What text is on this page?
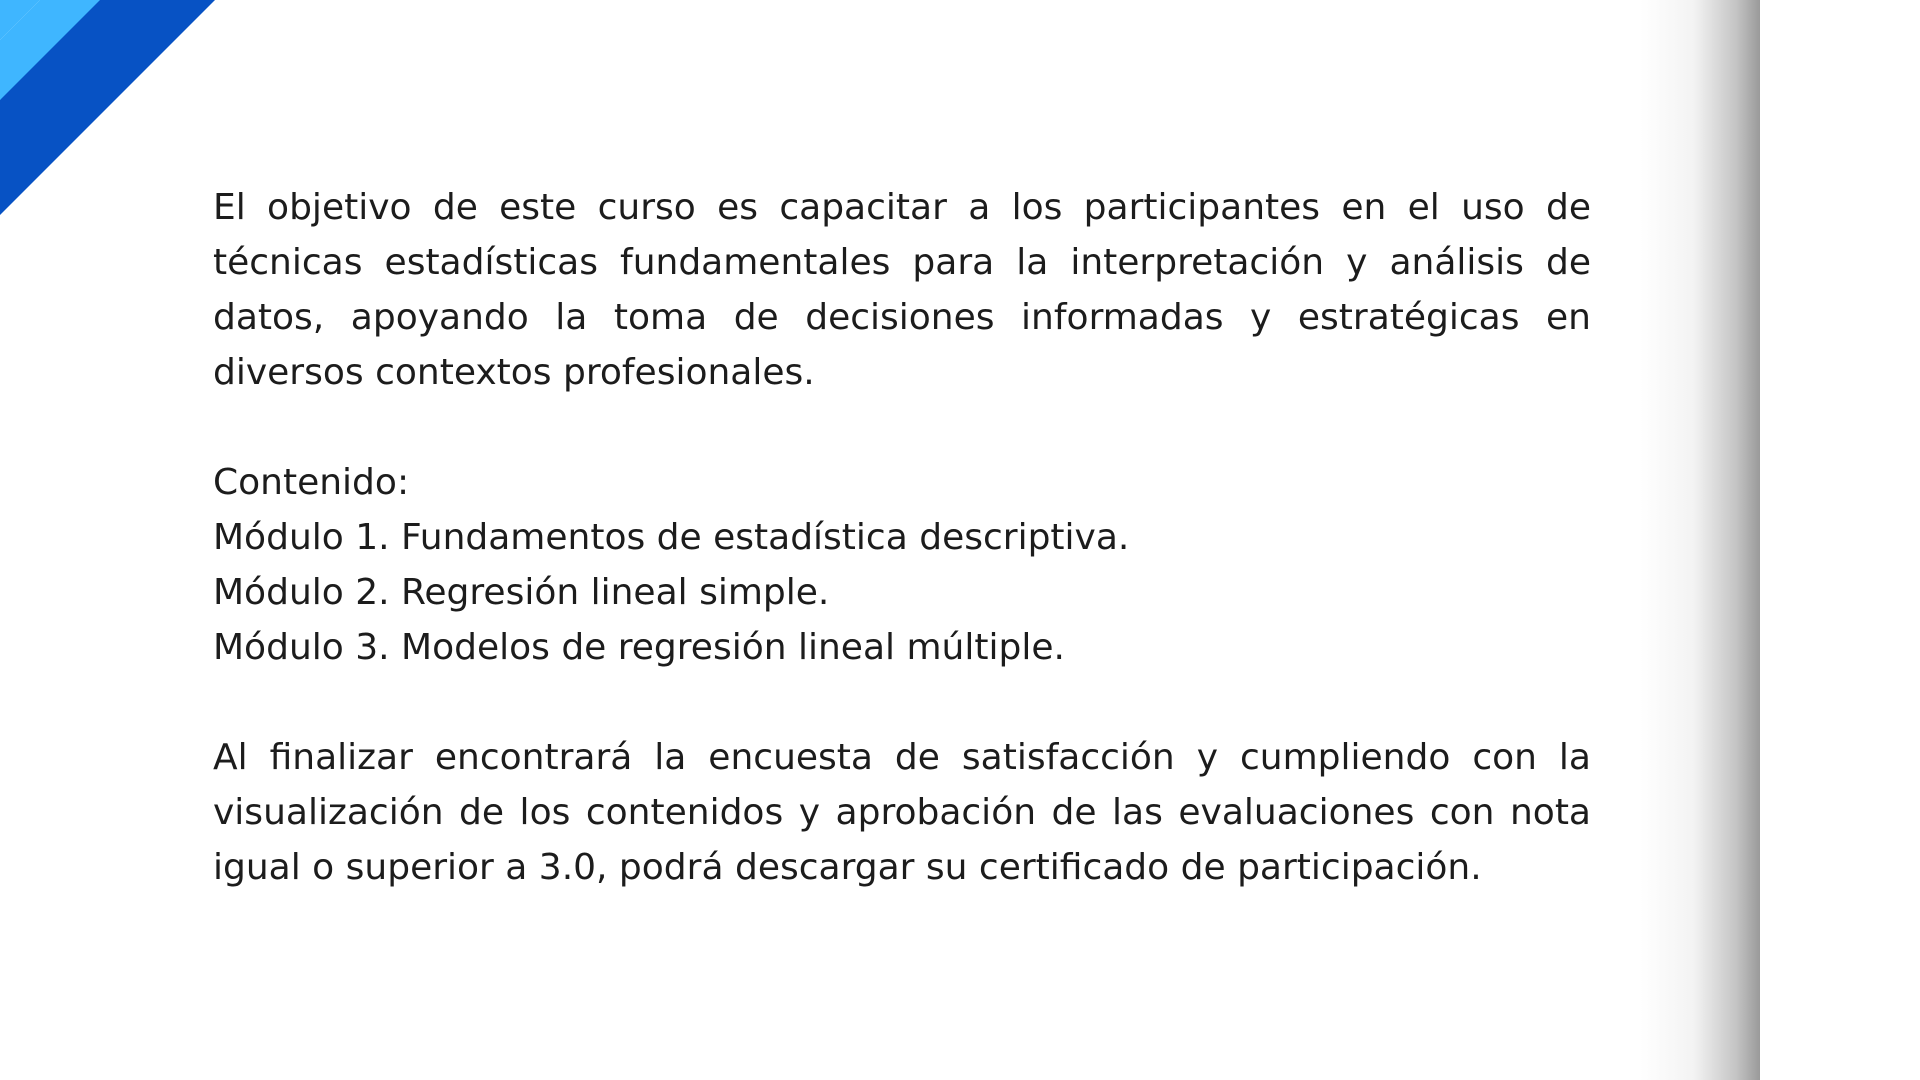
El objetivo de este curso es capacitar a los participantes en el uso de técnicas estadísticas fundamentales para la interpretación y análisis de datos, apoyando la toma de decisiones informadas y estratégicas en diversos contextos profesionales.

Contenido:

Módulo 1. Fundamentos de estadística descriptiva.

Módulo 2. Regresión lineal simple.

Módulo 3. Modelos de regresión lineal múltiple.

Al finalizar encontrará la encuesta de satisfacción y cumpliendo con la visualización de los contenidos y aprobación de las evaluaciones con nota igual o superior a 3.0, podrá descargar su certificado de participación.
